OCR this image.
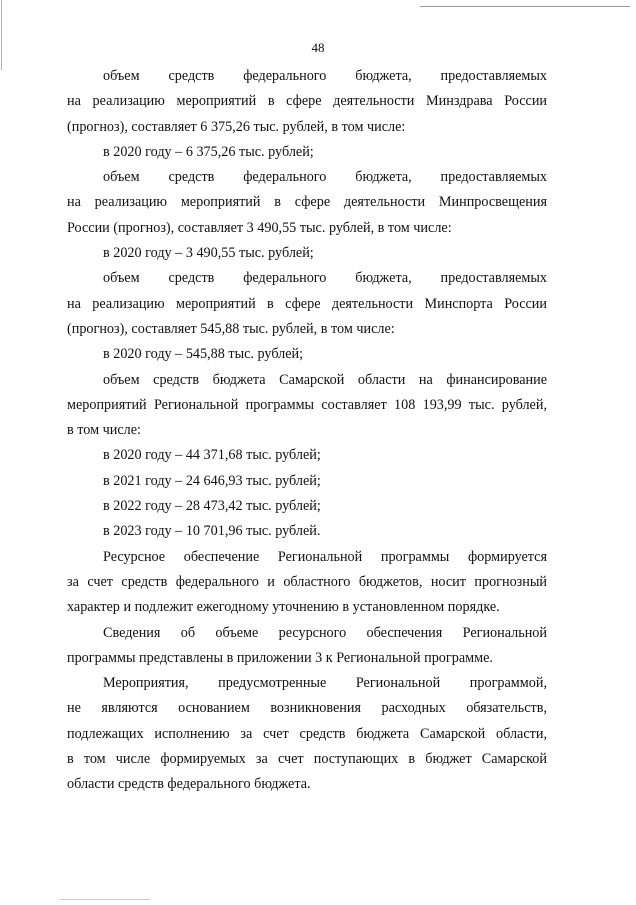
48
объем средств федерального бюджета, предоставляемых
на реализацию мероприятий в сфере деятельности Минздрава России
(прогноз), составляет 6 375,26 тыс. рублей, в том числе:
в 2020 году – 6 375,26 тыс. рублей;
объем средств федерального бюджета, предоставляемых
на реализацию мероприятий в сфере деятельности Минпросвещения
России (прогноз), составляет 3 490,55 тыс. рублей, в том числе:
в 2020 году – 3 490,55 тыс. рублей;
объем средств федерального бюджета, предоставляемых
на реализацию мероприятий в сфере деятельности Минспорта России
(прогноз), составляет 545,88 тыс. рублей, в том числе:
в 2020 году – 545,88 тыс. рублей;
объем средств бюджета Самарской области на финансирование
мероприятий Региональной программы составляет 108 193,99 тыс. рублей,
в том числе:
в 2020 году – 44 371,68 тыс. рублей;
в 2021 году – 24 646,93 тыс. рублей;
в 2022 году – 28 473,42 тыс. рублей;
в 2023 году – 10 701,96 тыс. рублей.
Ресурсное обеспечение Региональной программы формируется
за счет средств федерального и областного бюджетов, носит прогнозный
характер и подлежит ежегодному уточнению в установленном порядке.
Сведения об объеме ресурсного обеспечения Региональной
программы представлены в приложении 3 к Региональной программе.
Мероприятия, предусмотренные Региональной программой,
не являются основанием возникновения расходных обязательств,
подлежащих исполнению за счет средств бюджета Самарской области,
в том числе формируемых за счет поступающих в бюджет Самарской
области средств федерального бюджета.
